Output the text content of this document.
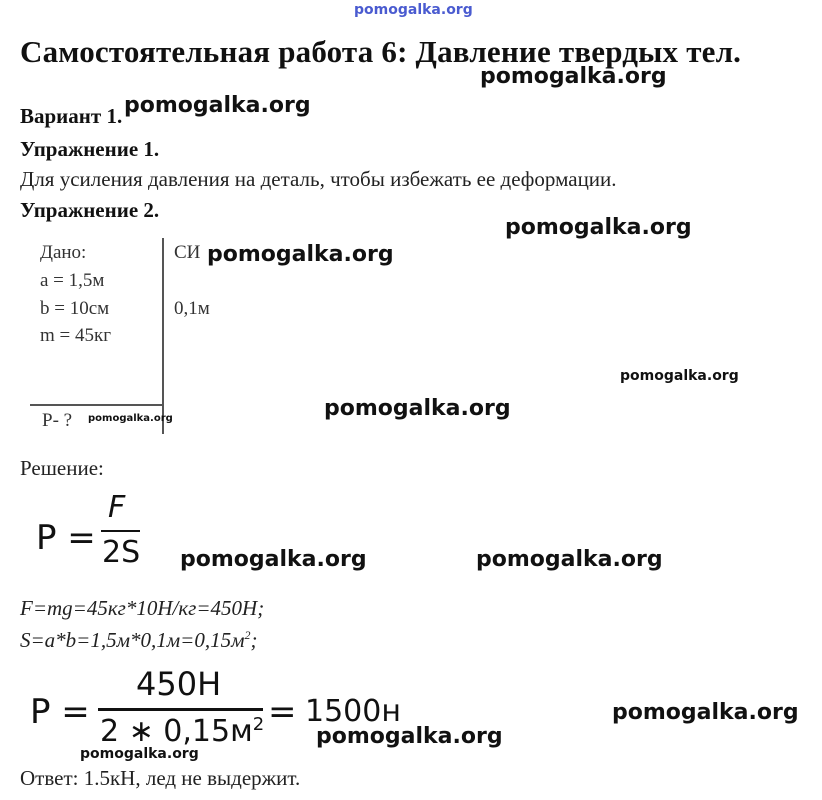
pomogalka.org
Самостоятельная работа 6: Давление твердых тел.
pomogalka.org
Вариант 1. pomogalka.org
Упражнение 1.
Для усиления давления на деталь, чтобы избежать ее деформации.
Упражнение 2.
pomogalka.org
Дано:
a = 1,5м
b = 10см
m = 45кг
СИ pomogalka.org
0,1м
P- ? pomogalka.org
pomogalka.org
pomogalka.org
Решение:
P =
F
2S pomogalka.org	pomogalka.org
F=mg=45кг*10Н/кг=450Н;
$S=a*b=1,5м*0,1м=0,15м^2$;
P =
450Н
2 ∗ $0,15м^2 = 1500н$	pomogalka.org
pomogalka.org
pomogalka.org
Ответ: 1.5кН, лед не выдержит.
